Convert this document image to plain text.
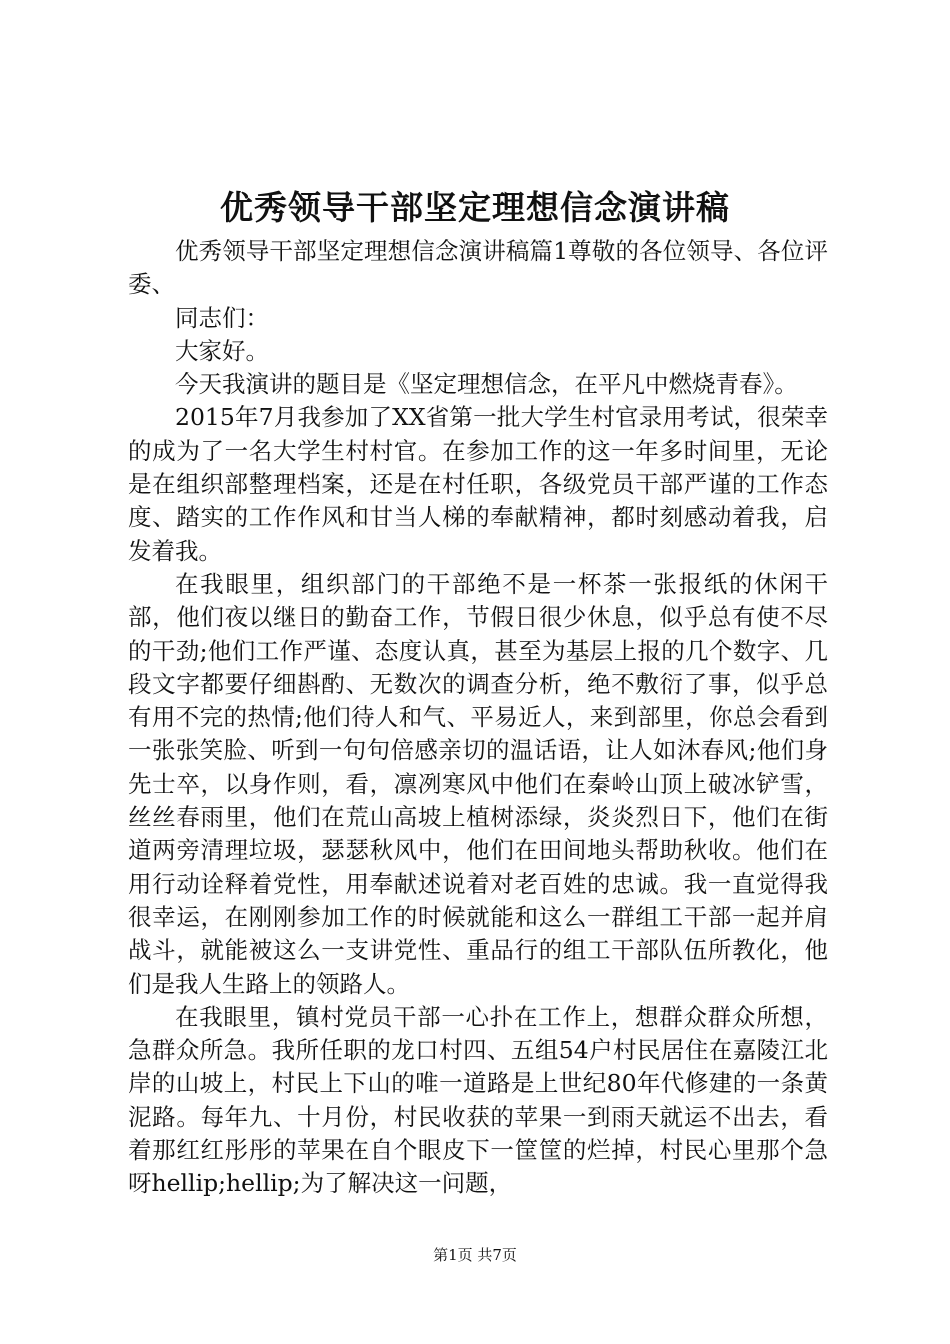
优秀领导干部坚定理想信念演讲稿

优秀领导干部坚定理想信念演讲稿篇1尊敬的各位领导、各位评委、

同志们：

大家好。

今天我演讲的题目是《坚定理想信念，在平凡中燃烧青春》。

2015年7月我参加了XX省第一批大学生村官录用考试，很荣幸的成为了一名大学生村村官。在参加工作的这一年多时间里，无论是在组织部整理档案，还是在村任职，各级党员干部严谨的工作态度、踏实的工作作风和甘当人梯的奉献精神，都时刻感动着我，启发着我。

在我眼里，组织部门的干部绝不是一杯茶一张报纸的休闲干部，他们夜以继日的勤奋工作，节假日很少休息，似乎总有使不尽的干劲;他们工作严谨、态度认真，甚至为基层上报的几个数字、几段文字都要仔细斟酌、无数次的调查分析，绝不敷衍了事，似乎总有用不完的热情;他们待人和气、平易近人，来到部里，你总会看到一张张笑脸、听到一句句倍感亲切的温话语，让人如沐春风;他们身先士卒，以身作则，看，凛冽寒风中他们在秦岭山顶上破冰铲雪，丝丝春雨里，他们在荒山高坡上植树添绿，炎炎烈日下，他们在街道两旁清理垃圾，瑟瑟秋风中，他们在田间地头帮助秋收。他们在用行动诠释着党性，用奉献述说着对老百姓的忠诚。我一直觉得我很幸运，在刚刚参加工作的时候就能和这么一群组工干部一起并肩战斗，就能被这么一支讲党性、重品行的组工干部队伍所教化，他们是我人生路上的领路人。

在我眼里，镇村党员干部一心扑在工作上，想群众群众所想，急群众所急。我所任职的龙口村四、五组54户村民居住在嘉陵江北岸的山坡上，村民上下山的唯一道路是上世纪80年代修建的一条黄泥路。每年九、十月份，村民收获的苹果一到雨天就运不出去，看着那红红彤彤的苹果在自个眼皮下一筐筐的烂掉，村民心里那个急呀hellip;hellip;为了解决这一问题，

第1页 共7页
